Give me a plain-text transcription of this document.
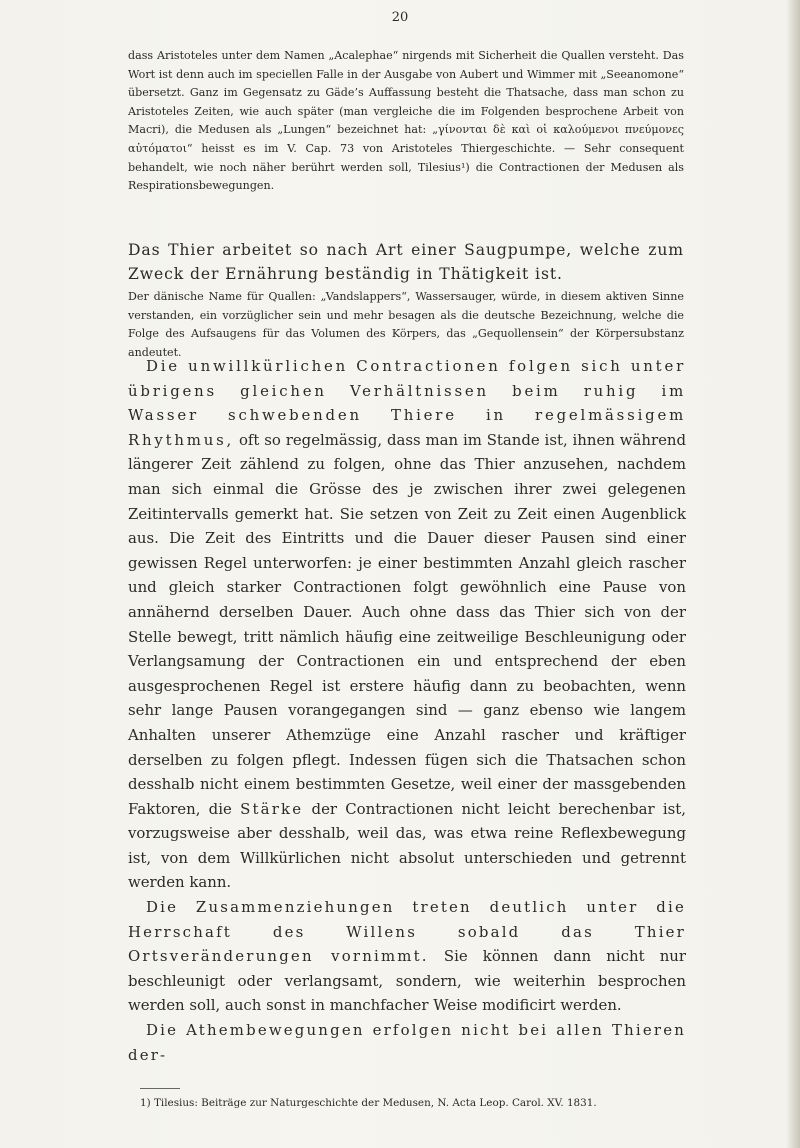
20
dass Aristoteles unter dem Namen „Acalephae“ nirgends mit Sicherheit die Quallen versteht. Das Wort ist denn auch im speciellen Falle in der Ausgabe von Aubert und Wimmer mit „Seeanomone“ übersetzt. Ganz im Gegensatz zu Gäde’s Auffassung besteht die Thatsache, dass man schon zu Aristoteles Zeiten, wie auch später (man vergleiche die im Folgenden besprochene Arbeit von Macri), die Medusen als „Lungen“ bezeichnet hat: „γίνονται δὲ καὶ οἱ καλούμενοι πνεύμονες αὐτόματοι“ heisst es im V. Cap. 73 von Aristoteles Thiergeschichte. — Sehr consequent behandelt, wie noch näher berührt werden soll, Tilesius¹) die Contractionen der Medusen als Respirationsbewegungen.
Das Thier arbeitet so nach Art einer Saugpumpe, welche zum Zweck der Ernährung beständig in Thätigkeit ist.
Der dänische Name für Quallen: „Vandslappers“, Wassersauger, würde, in diesem aktiven Sinne verstanden, ein vorzüglicher sein und mehr besagen als die deutsche Bezeichnung, welche die Folge des Aufsaugens für das Volumen des Körpers, das „Gequollensein“ der Körpersubstanz andeutet.

Die unwillkürlichen Contractionen folgen sich unter übrigens gleichen Verhältnissen beim ruhig im Wasser schwebenden Thiere in regelmässigem Rhythmus, oft so regelmässig, dass man im Stande ist, ihnen während längerer Zeit zählend zu folgen, ohne das Thier anzusehen, nachdem man sich einmal die Grösse des je zwischen ihrer zwei gelegenen Zeitintervalls gemerkt hat. Sie setzen von Zeit zu Zeit einen Augenblick aus. Die Zeit des Eintritts und die Dauer dieser Pausen sind einer gewissen Regel unterworfen: je einer bestimmten Anzahl gleich rascher und gleich starker Contractionen folgt gewöhnlich eine Pause von annähernd derselben Dauer. Auch ohne dass das Thier sich von der Stelle bewegt, tritt nämlich häufig eine zeitweilige Beschleunigung oder Verlangsamung der Contractionen ein und entsprechend der eben ausgesprochenen Regel ist erstere häufig dann zu beobachten, wenn sehr lange Pausen vorangegangen sind — ganz ebenso wie langem Anhalten unserer Athemzüge eine Anzahl rascher und kräftiger derselben zu folgen pflegt. Indessen fügen sich die Thatsachen schon desshalb nicht einem bestimmten Gesetze, weil einer der massgebenden Faktoren, die Stärke der Contractionen nicht leicht berechenbar ist, vorzugsweise aber desshalb, weil das, was etwa reine Reflexbewegung ist, von dem Willkürlichen nicht absolut unterschieden und getrennt werden kann.

Die Zusammenziehungen treten deutlich unter die Herrschaft des Willens sobald das Thier Ortsveränderungen vornimmt. Sie können dann nicht nur beschleunigt oder verlangsamt, sondern, wie weiterhin besprochen werden soll, auch sonst in manchfacher Weise modificirt werden.

Die Athembewegungen erfolgen nicht bei allen Thieren der-

1) Tilesius: Beiträge zur Naturgeschichte der Medusen, N. Acta Leop. Carol. XV. 1831.
